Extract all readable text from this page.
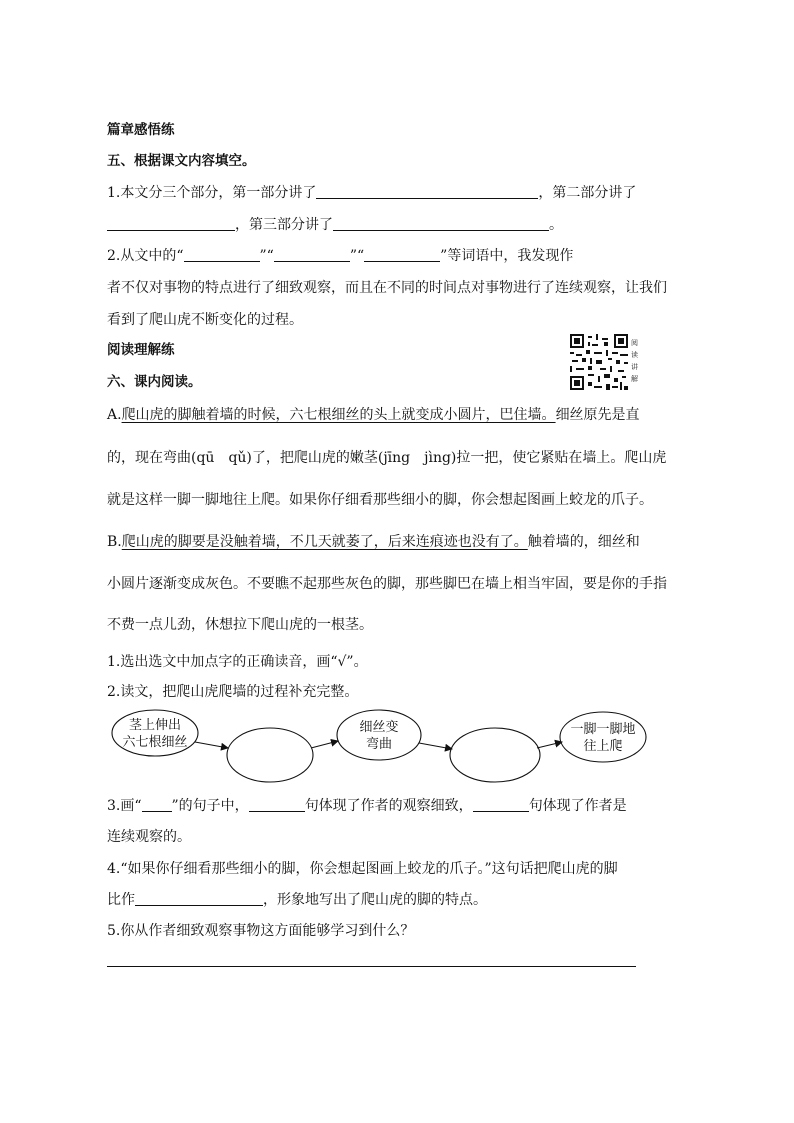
篇章感悟练
五、根据课文内容填空。
1.本文分三个部分，第一部分讲了	，第二部分讲了
，第三部分讲了	。
2.从文中的“	”“	”“	”等词语中，我发现作
者不仅对事物的特点进行了细致观察，而且在不同的时间点对事物进行了连续观察，让我们
看到了爬山虎不断变化的过程。
阅读理解练	阅
读
讲
解
六、课内阅读。
A.爬山虎的脚触着墙的时候，六七根细丝的头上就变成小圆片，巴住墙。细丝原先是直
的，现在弯曲(qū　qǔ)了，把爬山虎的嫩茎(jīng　jìng)拉一把，使它紧贴在墙上。爬山虎
就是这样一脚一脚地往上爬。如果你仔细看那些细小的脚，你会想起图画上蛟龙的爪子。
B.爬山虎的脚要是没触着墙，不几天就萎了，后来连痕迹也没有了。触着墙的，细丝和
小圆片逐渐变成灰色。不要瞧不起那些灰色的脚，那些脚巴在墙上相当牢固，要是你的手指
不费一点儿劲，休想拉下爬山虎的一根茎。
1.选出选文中加点字的正确读音，画“√”。
2.读文，把爬山虎爬墙的过程补充完整。
茎上伸出
六七根细丝
细丝变
弯曲
一脚一脚地
往上爬
3.画“ ”的句子中，	句体现了作者的观察细致，	句体现了作者是
连续观察的。
4.“如果你仔细看那些细小的脚，你会想起图画上蛟龙的爪子。”这句话把爬山虎的脚
比作	，形象地写出了爬山虎的脚的特点。
5.你从作者细致观察事物这方面能够学习到什么？
